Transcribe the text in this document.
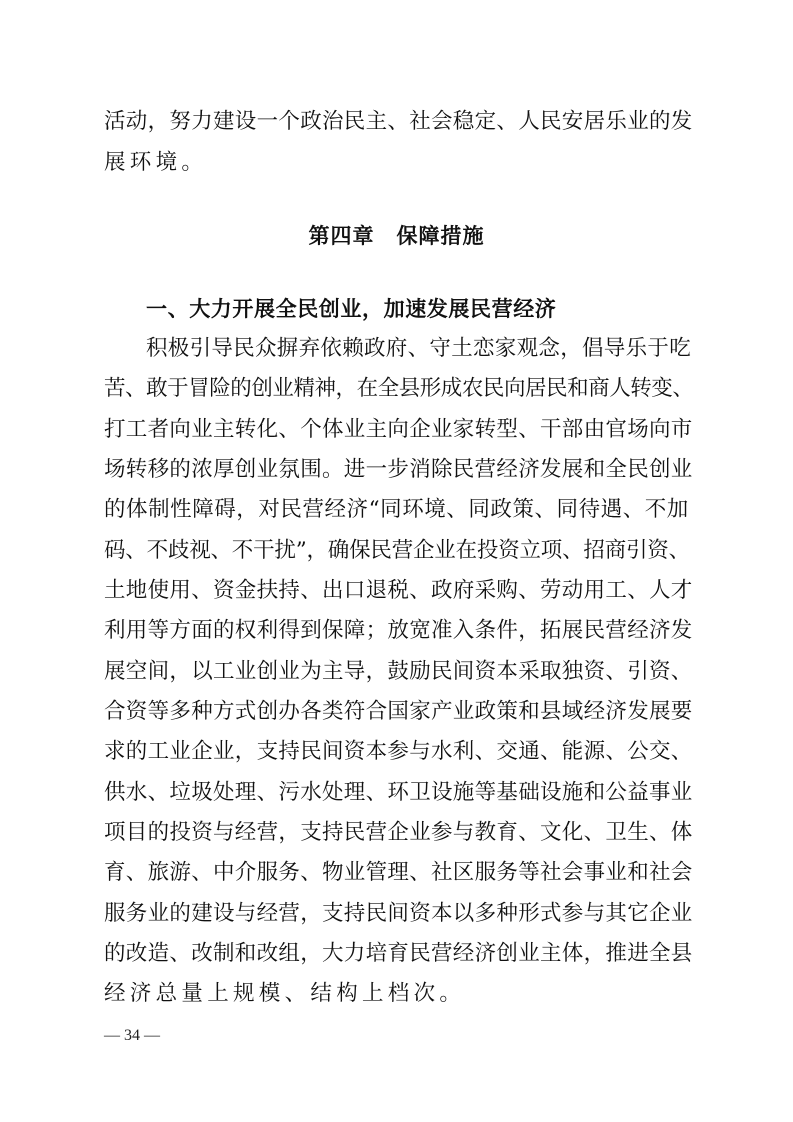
活动，努力建设一个政治民主、社会稳定、人民安居乐业的发
展环境。
第四章　保障措施
一、大力开展全民创业，加速发展民营经济
积极引导民众摒弃依赖政府、守土恋家观念，倡导乐于吃
苦、敢于冒险的创业精神，在全县形成农民向居民和商人转变、
打工者向业主转化、个体业主向企业家转型、干部由官场向市
场转移的浓厚创业氛围。进一步消除民营经济发展和全民创业
的体制性障碍，对民营经济“同环境、同政策、同待遇、不加
码、不歧视、不干扰”，确保民营企业在投资立项、招商引资、
土地使用、资金扶持、出口退税、政府采购、劳动用工、人才
利用等方面的权利得到保障；放宽准入条件，拓展民营经济发
展空间，以工业创业为主导，鼓励民间资本采取独资、引资、
合资等多种方式创办各类符合国家产业政策和县域经济发展要
求的工业企业，支持民间资本参与水利、交通、能源、公交、
供水、垃圾处理、污水处理、环卫设施等基础设施和公益事业
项目的投资与经营，支持民营企业参与教育、文化、卫生、体
育、旅游、中介服务、物业管理、社区服务等社会事业和社会
服务业的建设与经营，支持民间资本以多种形式参与其它企业
的改造、改制和改组，大力培育民营经济创业主体，推进全县
经济总量上规模、结构上档次。
— 34 —
